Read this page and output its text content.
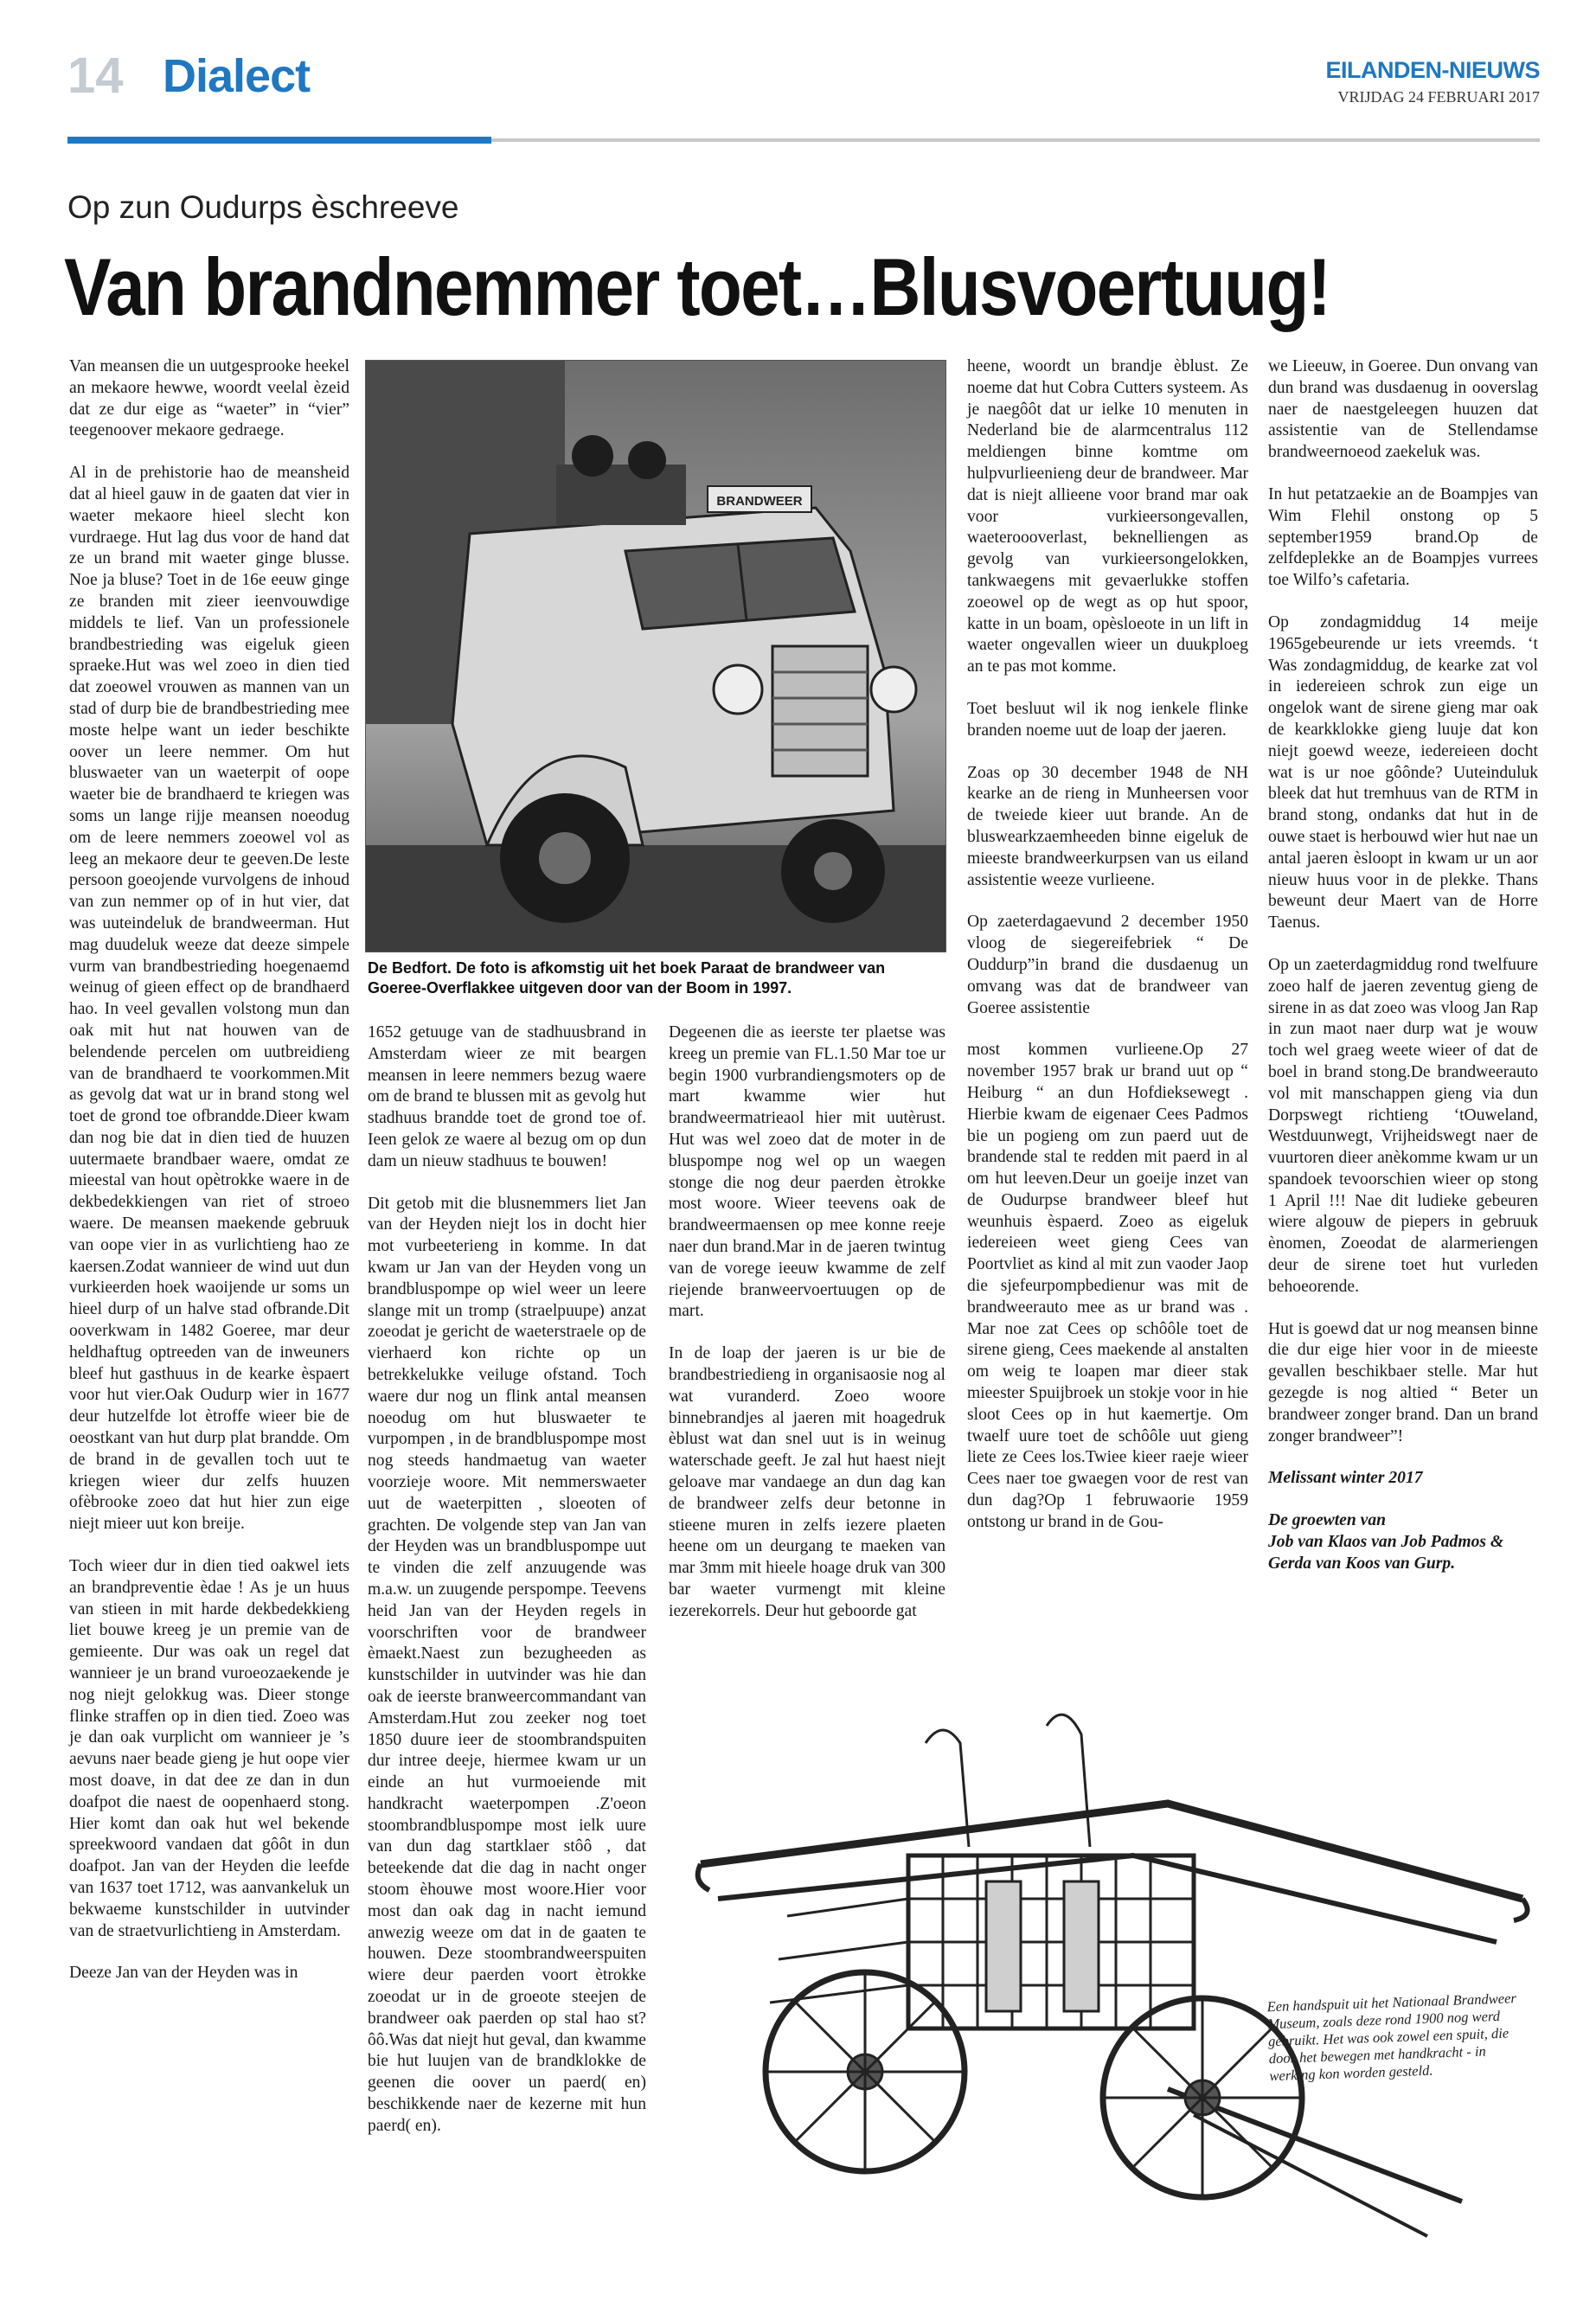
14 Dialect	EILANDEN-NIEUWS
VRIJDAG 24 FEBRUARI 2017
Op zun Oudurps èschreeve
Van brandnemmer toet…Blusvoertuug!

Van meansen die un uutgesprooke heekel an mekaore hewwe, woordt veelal èzeid dat ze dur eige as “waeter” in “vier” teegenoover mekaore gedraege.

Al in de prehistorie hao de meansheid dat al hieel gauw in de gaaten dat vier in waeter mekaore hieel slecht kon vurdraege. Hut lag dus voor de hand dat ze un brand mit waeter ginge blusse. Noe ja bluse? Toet in de 16e eeuw ginge ze branden mit zieer ieenvouwdige middels te lief. Van un professionele brandbestrieding was eigeluk gieen spraeke.Hut was wel zoeo in dien tied dat zoeowel vrouwen as mannen van un stad of durp bie de brandbestrieding mee moste helpe want un ieder beschikte oover un leere nemmer. Om hut bluswaeter van un waeterpit of oope waeter bie de brandhaerd te kriegen was soms un lange rijje meansen noeodug om de leere nemmers zoeowel vol as leeg an mekaore deur te geeven.De leste persoon goeojende vurvolgens de inhoud van zun nemmer op of in hut vier, dat was uuteindeluk de brandweerman. Hut mag duudeluk weeze dat deeze simpele vurm van brandbestrieding hoegenaemd weinug of gieen effect op de brandhaerd hao. In veel gevallen volstong mun dan oak mit hut nat houwen van de belendende percelen om uutbreidieng van de brandhaerd te voorkommen.Mit as gevolg dat wat ur in brand stong wel toet de grond toe ofbrandde.Dieer kwam dan nog bie dat in dien tied de huuzen uutermaete brandbaer waere, omdat ze mieestal van hout opètrokke waere in de dekbedekkiengen van riet of stroeo waere. De meansen maekende gebruuk van oope vier in as vurlichtieng hao ze kaersen.Zodat wannieer de wind uut dun vurkieerden hoek waoijende ur soms un hieel durp of un halve stad ofbrande.Dit ooverkwam in 1482 Goeree, mar deur heldhaftug optreeden van de inweuners bleef hut gasthuus in de kearke èspaert voor hut vier.Oak Oudurp wier in 1677 deur hutzelfde lot ètroffe wieer bie de oeostkant van hut durp plat brandde. Om de brand in de gevallen toch uut te kriegen wieer dur zelfs huuzen ofèbrooke zoeo dat hut hier zun eige niejt mieer uut kon breije.

Toch wieer dur in dien tied oakwel iets an brandpreventie èdae ! As je un huus van stieen in mit harde dekbedekkieng liet bouwe kreeg je un premie van de gemieente. Dur was oak un regel dat wannieer je un brand vuroeozaekende je nog niejt gelokkug was. Dieer stonge flinke straffen op in dien tied. Zoeo was je dan oak vurplicht om wannieer je ’s aevuns naer beade gieng je hut oope vier most doave, in dat dee ze dan in dun doafpot die naest de oopenhaerd stong. Hier komt dan oak hut wel bekende spreekwoord vandaen dat gôôt in dun doafpot. Jan van der Heyden die leefde van 1637 toet 1712, was aanvankeluk un bekwaeme kunstschilder in uutvinder van de straetvurlichtieng in Amsterdam.

Deeze Jan van der Heyden was in

BRANDWEER
De Bedfort. De foto is afkomstig uit het boek Paraat de brandweer van Goeree-Overflakkee uitgeven door van der Boom in 1997.

1652 getuuge van de stadhuusbrand in Amsterdam wieer ze mit beargen meansen in leere nemmers bezug waere om de brand te blussen mit as gevolg hut stadhuus brandde toet de grond toe of. Ieen gelok ze waere al bezug om op dun dam un nieuw stadhuus te bouwen!

Dit getob mit die blusnemmers liet Jan van der Heyden niejt los in docht hier mot vurbeeterieng in komme. In dat kwam ur Jan van der Heyden vong un brandbluspompe op wiel weer un leere slange mit un tromp (straelpuupe) anzat zoeodat je gericht de waeterstraele op de vierhaerd kon richte op un betrekkelukke veiluge ofstand. Toch waere dur nog un flink antal meansen noeodug om hut bluswaeter te vurpompen , in de brandbluspompe most nog steeds handmaetug van waeter voorzieje woore. Mit nemmerswaeter uut de waeterpitten , sloeoten of grachten. De volgende step van Jan van der Heyden was un brandbluspompe uut te vinden die zelf anzuugende was m.a.w. un zuugende perspompe. Teevens heid Jan van der Heyden regels in voorschriften voor de brandweer èmaekt.Naest zun bezugheeden as kunstschilder in uutvinder was hie dan oak de ieerste branweercommandant van Amsterdam.Hut zou zeeker nog toet 1850 duure ieer de stoombrandspuiten dur intree deeje, hiermee kwam ur un einde an hut vurmoeiende mit handkracht waeterpompen .Z'oeon stoombrandbluspompe most ielk uure van dun dag startklaer stôô , dat beteekende dat die dag in nacht onger stoom èhouwe most woore.Hier voor most dan oak dag in nacht iemund anwezig weeze om dat in de gaaten te houwen. Deze stoombrandweerspuiten wiere deur paerden voort ètrokke zoeodat ur in de groeote steejen de brandweer oak paerden op stal hao st?ôô.Was dat niejt hut geval, dan kwamme bie hut luujen van de brandklokke de geenen die oover un paerd( en) beschikkende naer de kezerne mit hun paerd( en).

Degeenen die as ieerste ter plaetse was kreeg un premie van FL.1.50 Mar toe ur begin 1900 vurbrandiengsmoters op de mart kwamme wier hut brandweermatrieaol hier mit uutèrust. Hut was wel zoeo dat de moter in de bluspompe nog wel op un waegen stonge die nog deur paerden ètrokke most woore. Wieer teevens oak de brandweermaensen op mee konne reeje naer dun brand.Mar in de jaeren twintug van de vorege ieeuw kwamme de zelf riejende branweervoertuugen op de mart.

In de loap der jaeren is ur bie de brandbestriedieng in organisaosie nog al wat vuranderd. Zoeo woore binnebrandjes al jaeren mit hoagedruk èblust wat dan snel uut is in weinug waterschade geeft. Je zal hut haest niejt geloave mar vandaege an dun dag kan de brandweer zelfs deur betonne in stieene muren in zelfs iezere plaeten heene om un deurgang te maeken van mar 3mm mit hieele hoage druk van 300 bar waeter vurmengt mit kleine iezerekorrels. Deur hut geboorde gat

heene, woordt un brandje èblust. Ze noeme dat hut Cobra Cutters systeem. As je naegôôt dat ur ielke 10 menuten in Nederland bie de alarmcentralus 112 meldiengen binne komtme om hulpvurlieenieng deur de brandweer. Mar dat is niejt allieene voor brand mar oak voor vurkieersongevallen, waeteroooverlast, beknelliengen as gevolg van vurkieersongelokken, tankwaegens mit gevaerlukke stoffen zoeowel op de wegt as op hut spoor, katte in un boam, opèsloeote in un lift in waeter ongevallen wieer un duukploeg an te pas mot komme.

Toet besluut wil ik nog ienkele flinke branden noeme uut de loap der jaeren.

Zoas op 30 december 1948 de NH kearke an de rieng in Munheersen voor de tweiede kieer uut brande. An de bluswearkzaemheeden binne eigeluk de mieeste brandweerkurpsen van us eiland assistentie weeze vurlieene.

Op zaeterdagaevund 2 december 1950 vloog de siegereifebriek “ De Ouddurp”in brand die dusdaenug un omvang was dat de brandweer van Goeree assistentie

most kommen vurlieene.Op 27 november 1957 brak ur brand uut op “ Heiburg “ an dun Hofdieksewegt . Hierbie kwam de eigenaer Cees Padmos bie un pogieng om zun paerd uut de brandende stal te redden mit paerd in al om hut leeven.Deur un goeije inzet van de Oudurpse brandweer bleef hut weunhuis èspaerd. Zoeo as eigeluk iedereieen weet gieng Cees van Poortvliet as kind al mit zun vaoder Jaop die sjefeurpompbedienur was mit de brandweerauto mee as ur brand was . Mar noe zat Cees op schôôle toet de sirene gieng, Cees maekende al anstalten om weig te loapen mar dieer stak mieester Spuijbroek un stokje voor in hie sloot Cees op in hut kaemertje. Om twaelf uure toet de schôôle uut gieng liete ze Cees los.Twiee kieer raeje wieer Cees naer toe gwaegen voor de rest van dun dag?Op 1 februwaorie 1959 ontstong ur brand in de Gou-

we Lieeuw, in Goeree. Dun onvang van dun brand was dusdaenug in ooverslag naer de naestgeleegen huuzen dat assistentie van de Stellendamse brandweernoeod zaekeluk was.

In hut petatzaekie an de Boampjes van Wim Flehil onstong op 5 september1959 brand.Op de zelfdeplekke an de Boampjes vurrees toe Wilfo’s cafetaria.

Op zondagmiddug 14 meije 1965gebeurende ur iets vreemds. ‘t Was zondagmiddug, de kearke zat vol in iedereieen schrok zun eige un ongelok want de sirene gieng mar oak de kearkklokke gieng luuje dat kon niejt goewd weeze, iedereieen docht wat is ur noe gôônde? Uuteinduluk bleek dat hut tremhuus van de RTM in brand stong, ondanks dat hut in de ouwe staet is herbouwd wier hut nae un antal jaeren èsloopt in kwam ur un aor nieuw huus voor in de plekke. Thans beweunt deur Maert van de Horre Taenus.

Op un zaeterdagmiddug rond twelfuure zoeo half de jaeren zeventug gieng de sirene in as dat zoeo was vloog Jan Rap in zun maot naer durp wat je wouw toch wel graeg weete wieer of dat de boel in brand stong.De brandweerauto vol mit manschappen gieng via dun Dorpswegt richtieng ‘tOuweland, Westduunwegt, Vrijheidswegt naer de vuurtoren dieer anèkomme kwam ur un spandoek tevoorschien wieer op stong 1 April !!! Nae dit ludieke gebeuren wiere algouw de piepers in gebruuk ènomen, Zoeodat de alarmeriengen deur de sirene toet hut vurleden behoeorende.

Hut is goewd dat ur nog meansen binne die dur eige hier voor in de mieeste gevallen beschikbaer stelle. Mar hut gezegde is nog altied “ Beter un brandweer zonger brand. Dan un brand zonger brandweer”!

Melissant winter 2017

De groewten van
Job van Klaos van Job Padmos &
Gerda van Koos van Gurp.
Een handspuit uit het Nationaal Brandweer Museum, zoals deze rond 1900 nog werd gebruikt. Het was ook zowel een spuit, die door het bewegen met handkracht - in werking kon worden gesteld.
